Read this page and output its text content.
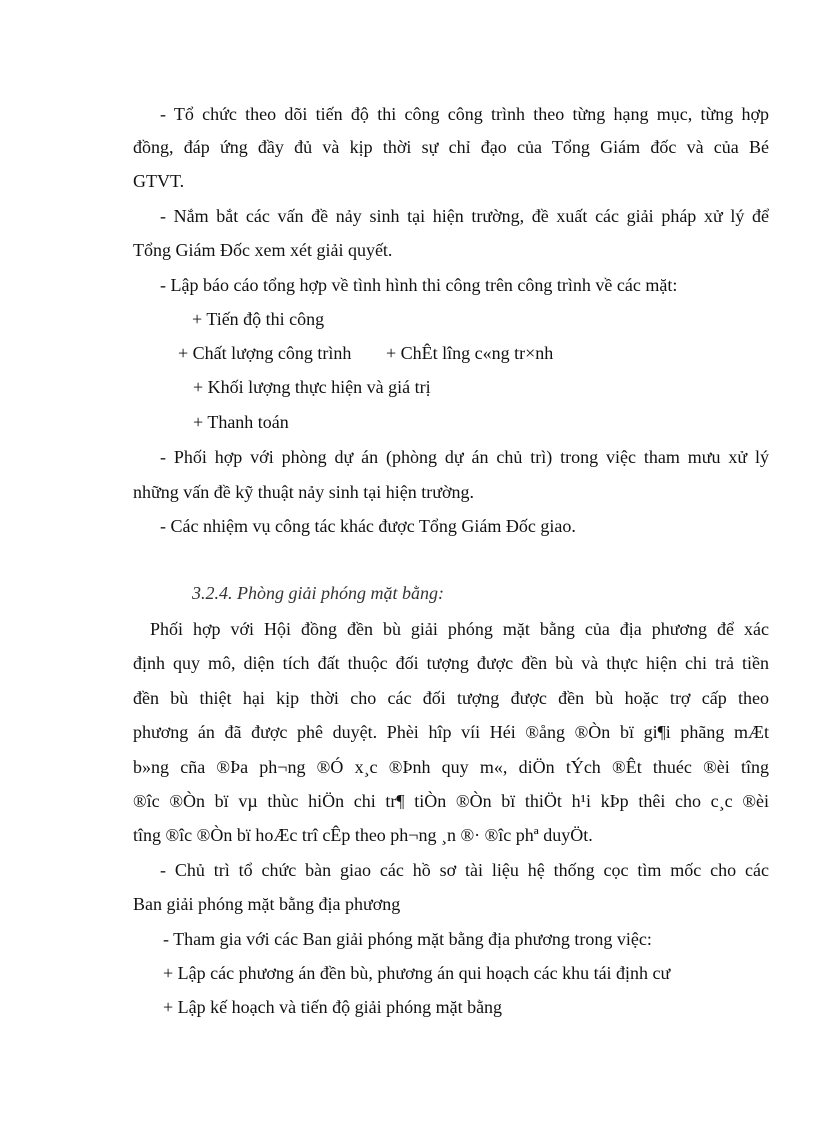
- Tổ chức theo dõi tiến độ thi công công trình theo từng hạng mục, từng hợp
đồng, đáp ứng đầy đủ và kịp thời sự chỉ đạo của Tổng Giám đốc và của Bé
GTVT.
- Nắm bắt các vấn đề nảy sinh tại hiện trường, đề xuất các giải pháp xử lý để
Tổng Giám Đốc xem xét giải quyết.
- Lập báo cáo tổng hợp về tình hình thi công trên công trình về các mặt:
+ Tiến độ thi công
+ Chất lượng công trình + ChÊt lîng c«ng tr×nh
+ Khối lượng thực hiện và giá trị
+ Thanh toán
- Phối hợp với phòng dự án (phòng dự án chủ trì) trong việc tham mưu xử lý
những vấn đề kỹ thuật nảy sinh tại hiện trường.
- Các nhiệm vụ công tác khác được Tổng Giám Đốc giao.
3.2.4. Phòng giải phóng mặt bằng:
Phối hợp với Hội đồng đền bù giải phóng mặt bằng của địa phương để xác
định quy mô, diện tích đất thuộc đối tượng được đền bù và thực hiện chi trả tiền
đền bù thiệt hại kịp thời cho các đối tượng được đền bù hoặc trợ cấp theo
phương án đã được phê duyệt. Phèi hîp víi Héi ®ång ®Òn bï gi¶i phãng mÆt
b»ng cña ®Þa ph¬ng ®Ó x¸c ®Þnh quy m«, diÖn tÝch ®Êt thuéc ®èi tîng
®îc ®Òn bï vµ thùc hiÖn chi tr¶ tiÒn ®Òn bï thiÖt h¹i kÞp thêi cho c¸c ®èi
tîng ®îc ®Òn bï hoÆc trî cÊp theo ph¬ng ¸n ®· ®îc phª duyÖt.
- Chủ trì tổ chức bàn giao các hồ sơ tài liệu hệ thống cọc tìm mốc cho các
Ban giải phóng mặt bằng địa phương
- Tham gia với các Ban giải phóng mặt bằng địa phương trong việc:
+ Lập các phương án đền bù, phương án qui hoạch các khu tái định cư
+ Lập kế hoạch và tiến độ giải phóng mặt bằng
